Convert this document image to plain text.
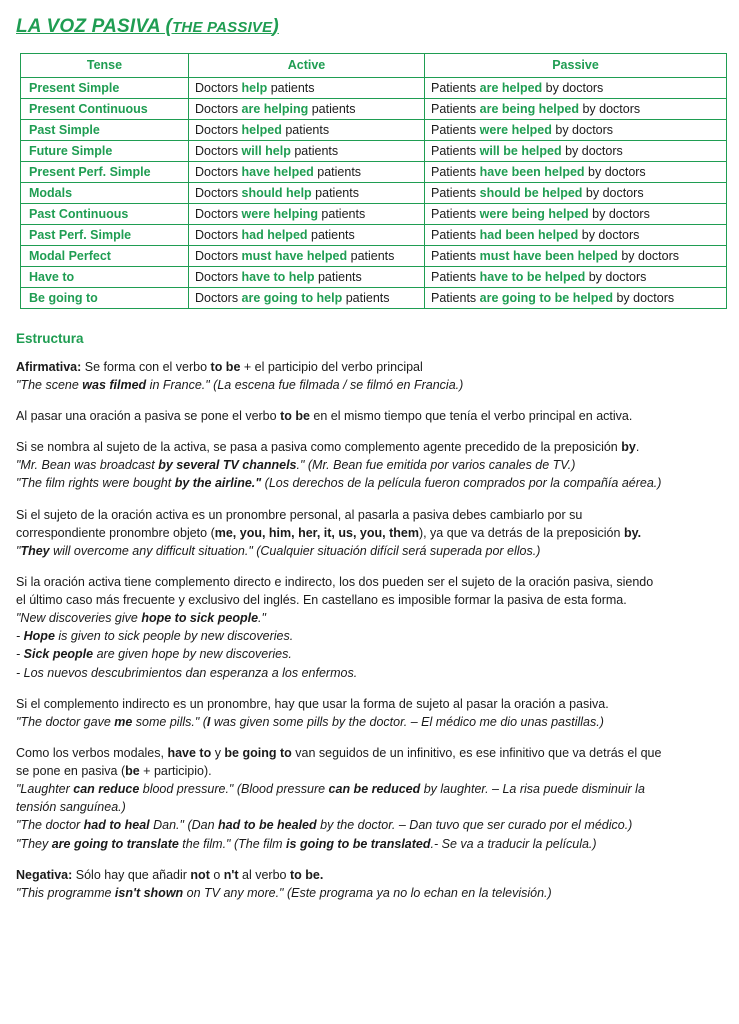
LA VOZ PASIVA (THE PASSIVE)
Tense	Active	Passive
Present Simple	Doctors help patients	Patients are helped by doctors
Present Continuous	Doctors are helping patients	Patients are being helped by doctors
Past Simple	Doctors helped patients	Patients were helped by doctors
Future Simple	Doctors will help patients	Patients will be helped by doctors
Present Perf. Simple	Doctors have helped patients	Patients have been helped by doctors
Modals	Doctors should help patients	Patients should be helped by doctors
Past Continuous	Doctors were helping patients	Patients were being helped by doctors
Past Perf. Simple	Doctors had helped patients	Patients had been helped by doctors
Modal Perfect	Doctors must have helped patients	Patients must have been helped by doctors
Have to	Doctors have to help patients	Patients have to be helped by doctors
Be going to	Doctors are going to help patients	Patients are going to be helped by doctors
Estructura

Afirmativa: Se forma con el verbo to be + el participio del verbo principal

"The scene was filmed in France." (La escena fue filmada / se filmó en Francia.)

Al pasar una oración a pasiva se pone el verbo to be en el mismo tiempo que tenía el verbo principal en activa.

Si se nombra al sujeto de la activa, se pasa a pasiva como complemento agente precedido de la preposición by.

"Mr. Bean was broadcast by several TV channels." (Mr. Bean fue emitida por varios canales de TV.)

"The film rights were bought by the airline." (Los derechos de la película fueron comprados por la compañía aérea.)

Si el sujeto de la oración activa es un pronombre personal, al pasarla a pasiva debes cambiarlo por su

correspondiente pronombre objeto (me, you, him, her, it, us, you, them), ya que va detrás de la preposición by.

"They will overcome any difficult situation." (Cualquier situación difícil será superada por ellos.)

Si la oración activa tiene complemento directo e indirecto, los dos pueden ser el sujeto de la oración pasiva, siendo

el último caso más frecuente y exclusivo del inglés. En castellano es imposible formar la pasiva de esta forma.

"New discoveries give hope to sick people."

- Hope is given to sick people by new discoveries.

- Sick people are given hope by new discoveries.

- Los nuevos descubrimientos dan esperanza a los enfermos.

Si el complemento indirecto es un pronombre, hay que usar la forma de sujeto al pasar la oración a pasiva.

"The doctor gave me some pills." (I was given some pills by the doctor. – El médico me dio unas pastillas.)

Como los verbos modales, have to y be going to van seguidos de un infinitivo, es ese infinitivo que va detrás el que

se pone en pasiva (be + participio).

"Laughter can reduce blood pressure." (Blood pressure can be reduced by laughter. – La risa puede disminuir la

tensión sanguínea.)

"The doctor had to heal Dan." (Dan had to be healed by the doctor. – Dan tuvo que ser curado por el médico.)

"They are going to translate the film." (The film is going to be translated.- Se va a traducir la película.)

Negativa: Sólo hay que añadir not o n't al verbo to be.

"This programme isn't shown on TV any more." (Este programa ya no lo echan en la televisión.)
